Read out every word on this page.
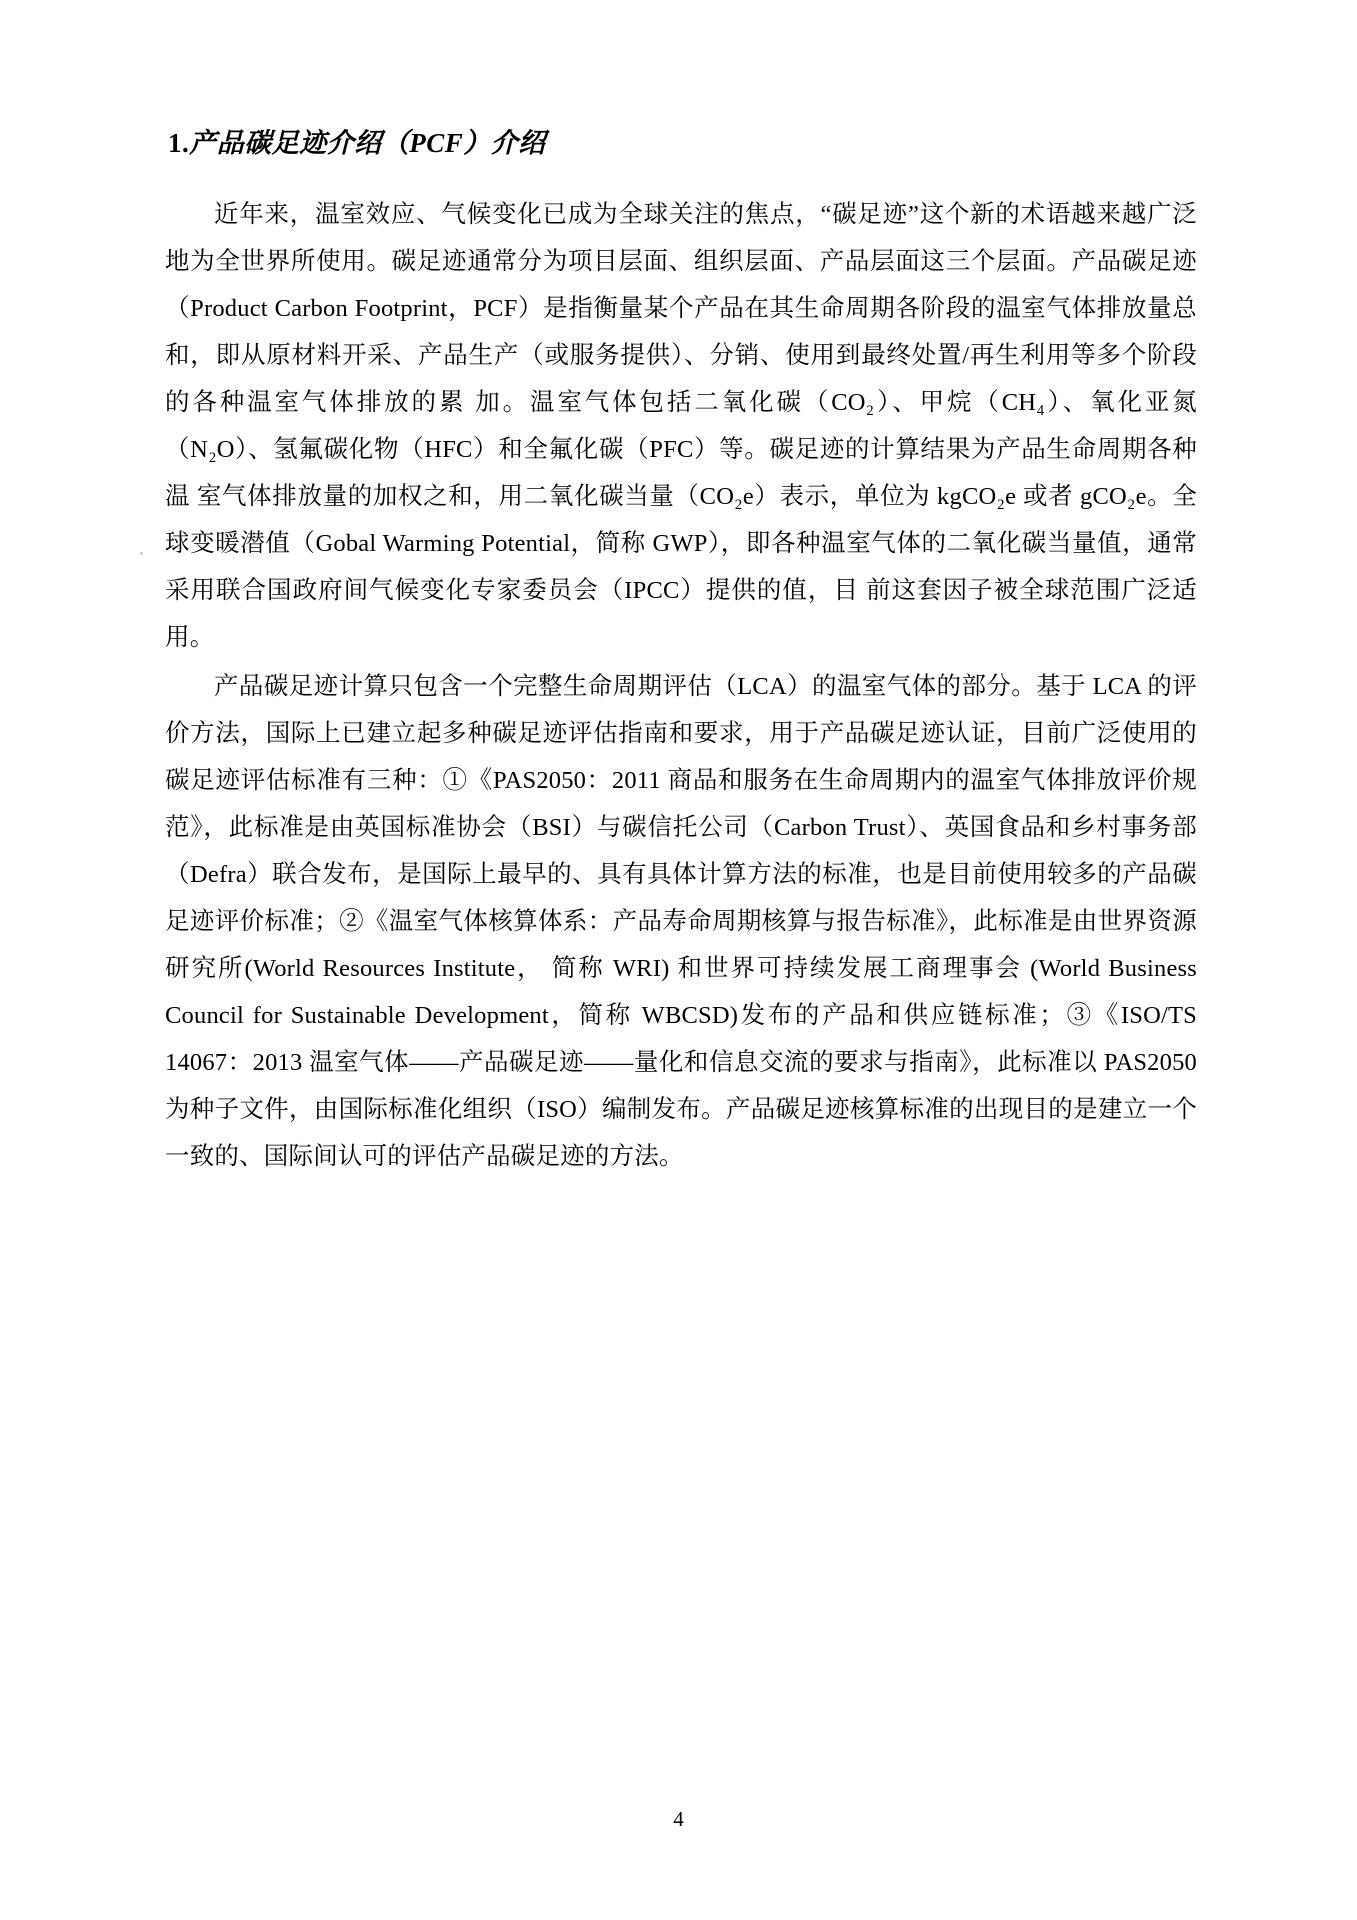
1.产品碳足迹介绍（PCF）介绍

近年来，温室效应、气候变化已成为全球关注的焦点，“碳足迹”这个新的术语越来越广泛地为全世界所使用。碳足迹通常分为项目层面、组织层面、产品层面这三个层面。产品碳足迹（Product Carbon Footprint，PCF）是指衡量某个产品在其生命周期各阶段的温室气体排放量总和，即从原材料开采、产品生产（或服务提供）、分销、使用到最终处置/再生利用等多个阶段的各种温室气体排放的累 加。温室气体包括二氧化碳（CO₂）、甲烷（CH₄）、氧化亚氮（N₂O）、氢氟碳化物（HFC）和全氟化碳（PFC）等。碳足迹的计算结果为产品生命周期各种温 室气体排放量的加权之和，用二氧化碳当量（CO₂e）表示，单位为 kgCO₂e 或者 gCO₂e。全球变暖潜值（Gobal Warming Potential，简称 GWP），即各种温室气体的二氧化碳当量值，通常采用联合国政府间气候变化专家委员会（IPCC）提供的值，目 前这套因子被全球范围广泛适用。

产品碳足迹计算只包含一个完整生命周期评估（LCA）的温室气体的部分。基于 LCA 的评价方法，国际上已建立起多种碳足迹评估指南和要求，用于产品碳足迹认证，目前广泛使用的碳足迹评估标准有三种：①《PAS2050：2011 商品和服务在生命周期内的温室气体排放评价规范》，此标准是由英国标准协会（BSI）与碳信托公司（Carbon Trust）、英国食品和乡村事务部（Defra）联合发布，是国际上最早的、具有具体计算方法的标准，也是目前使用较多的产品碳足迹评价标准；②《温室气体核算体系：产品寿命周期核算与报告标准》，此标准是由世界资源研究所(World Resources Institute， 简称 WRI) 和世界可持续发展工商理事会 (World Business Council for Sustainable Development，简称 WBCSD)发布的产品和供应链标准；③《ISO/TS 14067：2013 温室气体——产品碳足迹——量化和信息交流的要求与指南》，此标准以 PAS2050 为种子文件，由国际标准化组织（ISO）编制发布。产品碳足迹核算标准的出现目的是建立一个一致的、国际间认可的评估产品碳足迹的方法。

4
